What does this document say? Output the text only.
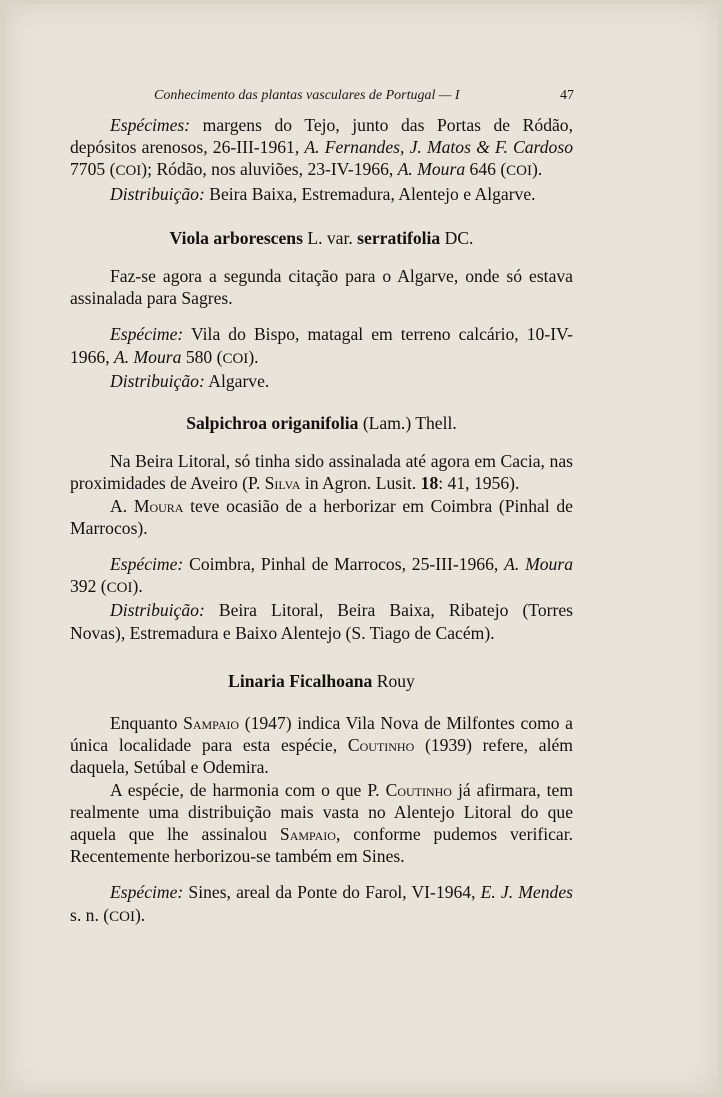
Conhecimento das plantas vasculares de Portugal — I	47

Espécimes: margens do Tejo, junto das Portas de Ródão, depósitos arenosos, 26-III-1961, A. Fernandes, J. Matos & F. Cardoso 7705 (COI); Ródão, nos aluviões, 23-IV-1966, A. Moura 646 (COI).

Distribuição: Beira Baixa, Estremadura, Alentejo e Algarve.

Viola arborescens L. var. serratifolia DC.

Faz-se agora a segunda citação para o Algarve, onde só estava assinalada para Sagres.

Espécime: Vila do Bispo, matagal em terreno calcário, 10-IV-1966, A. Moura 580 (COI).

Distribuição: Algarve.

Salpichroa origanifolia (Lam.) Thell.

Na Beira Litoral, só tinha sido assinalada até agora em Cacia, nas proximidades de Aveiro (P. Silva in Agron. Lusit. 18: 41, 1956).

A. Moura teve ocasião de a herborizar em Coimbra (Pinhal de Marrocos).

Espécime: Coimbra, Pinhal de Marrocos, 25-III-1966, A. Moura 392 (COI).

Distribuição: Beira Litoral, Beira Baixa, Ribatejo (Torres Novas), Estremadura e Baixo Alentejo (S. Tiago de Cacém).

Linaria Ficalhoana Rouy

Enquanto Sampaio (1947) indica Vila Nova de Milfontes como a única localidade para esta espécie, Coutinho (1939) refere, além daquela, Setúbal e Odemira.

A espécie, de harmonia com o que P. Coutinho já afirmara, tem realmente uma distribuição mais vasta no Alentejo Litoral do que aquela que lhe assinalou Sampaio, conforme pudemos verificar. Recentemente herborizou-se também em Sines.

Espécime: Sines, areal da Ponte do Farol, VI-1964, E. J. Mendes s. n. (COI).
